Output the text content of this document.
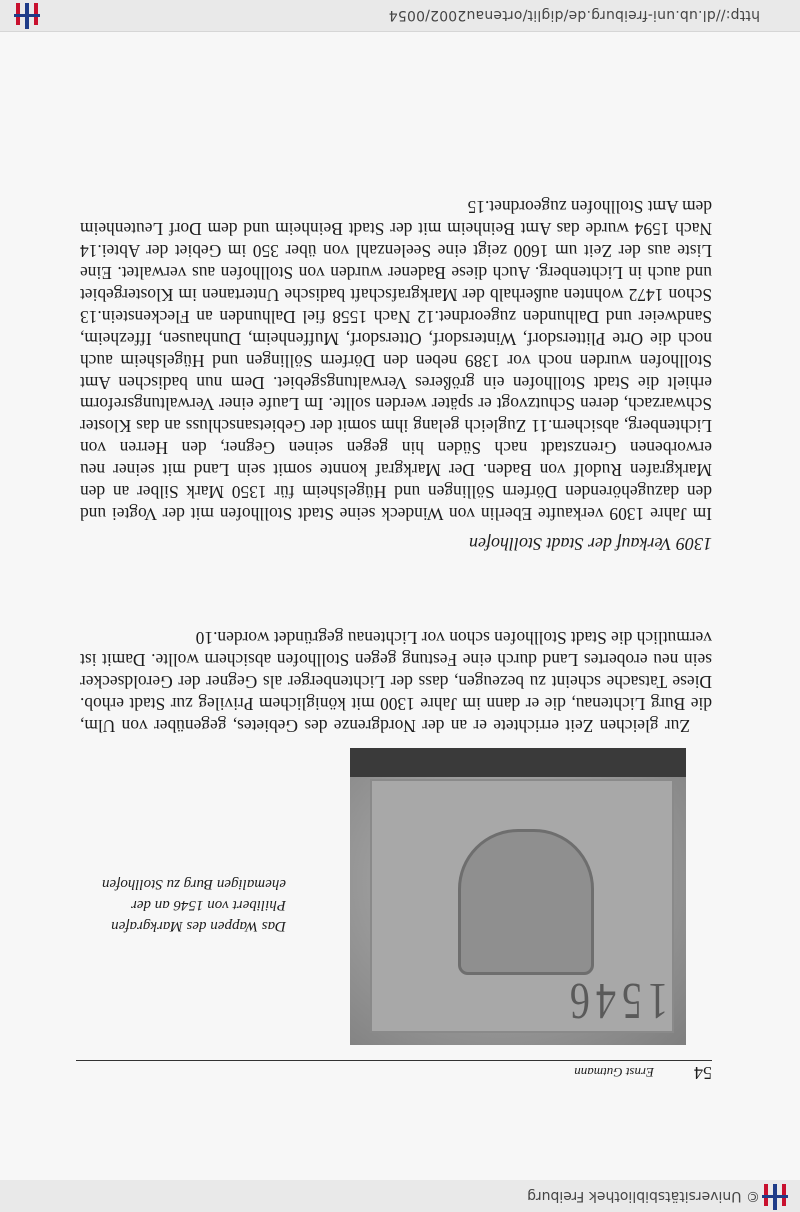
© Universitätsbibliothek Freiburg
54
Ernst Gutmann
1546
Das Wappen des Markgrafen
Philibert von 1546 an der
ehemaligen Burg zu Stollhofen

Zur gleichen Zeit errichtete er an der Nordgrenze des Gebietes, gegenüber von Ulm, die Burg Lichtenau, die er dann im Jahre 1300 mit königlichem Privileg zur Stadt erhob. Diese Tatsache scheint zu bezeugen, dass der Lichtenberger als Gegner der Geroldsecker sein neu erobertes Land durch eine Festung gegen Stollhofen absichern wollte. Damit ist vermutlich die Stadt Stollhofen schon vor Lichtenau gegründet worden.10

1309 Verkauf der Stadt Stollhofen

Im Jahre 1309 verkaufte Eberlin von Windeck seine Stadt Stollhofen mit der Vogtei und den dazugehörenden Dörfern Söllingen und Hügelsheim für 1350 Mark Silber an den Markgrafen Rudolf von Baden. Der Markgraf konnte somit sein Land mit seiner neu erworbenen Grenzstadt nach Süden hin gegen seinen Gegner, den Herren von Lichtenberg, absichern.11 Zugleich gelang ihm somit der Gebietsanschluss an das Kloster Schwarzach, deren Schutzvogt er später werden sollte. Im Laufe einer Verwaltungsreform erhielt die Stadt Stollhofen ein größeres Verwaltungsgebiet. Dem nun badischen Amt Stollhofen wurden noch vor 1389 neben den Dörfern Söllingen und Hügelsheim auch noch die Orte Plittersdorf, Wintersdorf, Ottersdorf, Muffenheim, Dunhausen, Iffezheim, Sandweier und Dalhunden zugeordnet.12 Nach 1558 fiel Dalhunden an Fleckenstein.13 Schon 1472 wohnten außerhalb der Markgrafschaft badische Untertanen im Klostergebiet und auch in Lichtenberg. Auch diese Badener wurden von Stollhofen aus verwaltet. Eine Liste aus der Zeit um 1600 zeigt eine Seelenzahl von über 350 im Gebiet der Abtei.14 Nach 1594 wurde das Amt Beinheim mit der Stadt Beinheim und dem Dorf Leutenheim dem Amt Stollhofen zugeordnet.15

http://dl.ub.uni-freiburg.de/diglit/ortenau2002/0054
